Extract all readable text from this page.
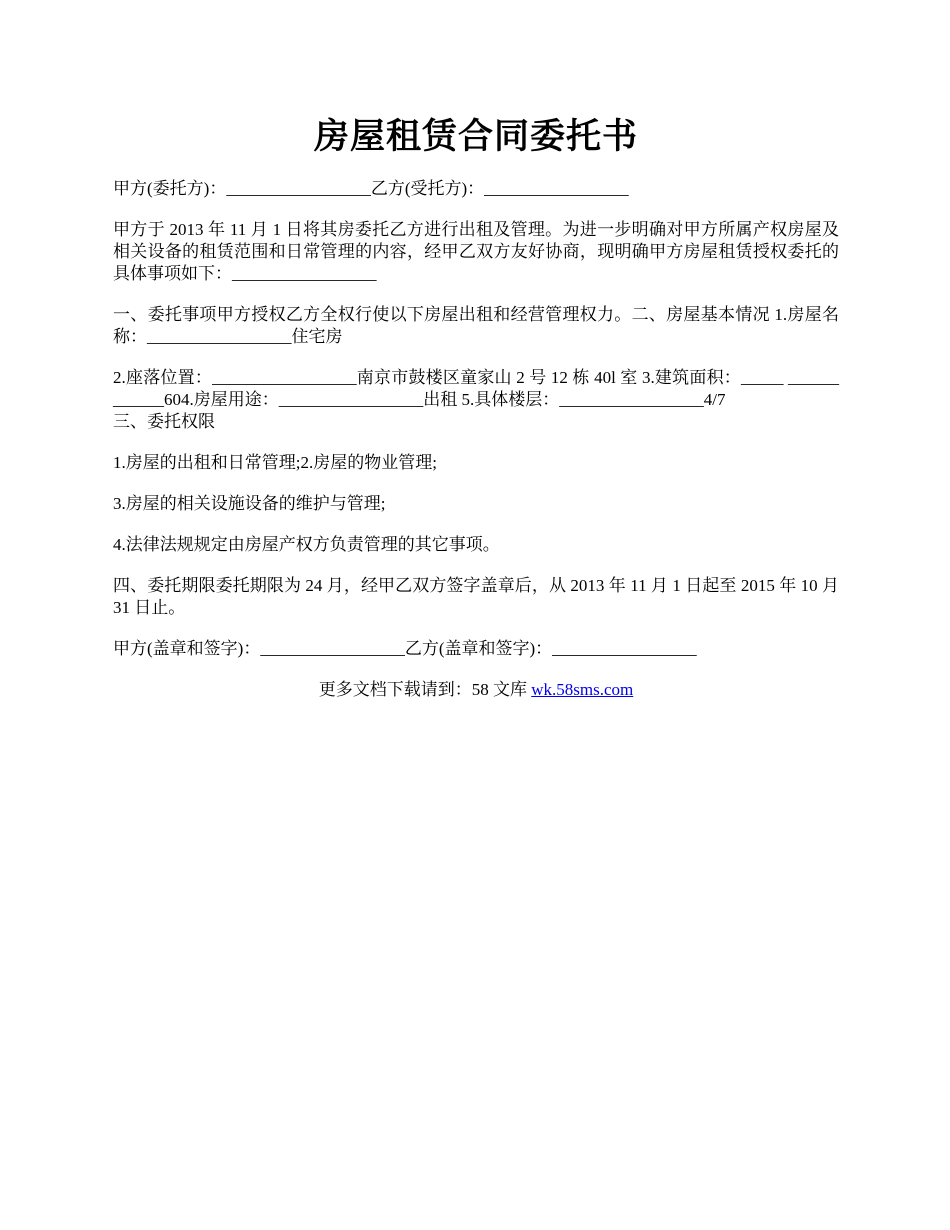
房屋租赁合同委托书

甲方(委托方)：_________________乙方(受托方)：_________________

甲方于 2013 年 11 月 1 日将其房委托乙方进行出租及管理。为进一步明确对甲方所属产权房屋及相关设备的租赁范围和日常管理的内容，经甲乙双方友好协商，现明确甲方房屋租赁授权委托的具体事项如下：_________________

一、委托事项甲方授权乙方全权行使以下房屋出租和经营管理权力。二、房屋基本情况 1.房屋名称：_________________住宅房

2.座落位置：_________________南京市鼓楼区童家山 2 号 12 栋 40l 室 3.建筑面积：_____ ____________604.房屋用途：_________________出租 5.具体楼层：_________________4/7

三、委托权限

1.房屋的出租和日常管理;2.房屋的物业管理;

3.房屋的相关设施设备的维护与管理;

4.法律法规规定由房屋产权方负责管理的其它事项。

四、委托期限委托期限为 24 月，经甲乙双方签字盖章后，从 2013 年 11 月 1 日起至 2015 年 10 月 31 日止。

甲方(盖章和签字)：_________________乙方(盖章和签字)：_________________

更多文档下载请到：58 文库 wk.58sms.com
